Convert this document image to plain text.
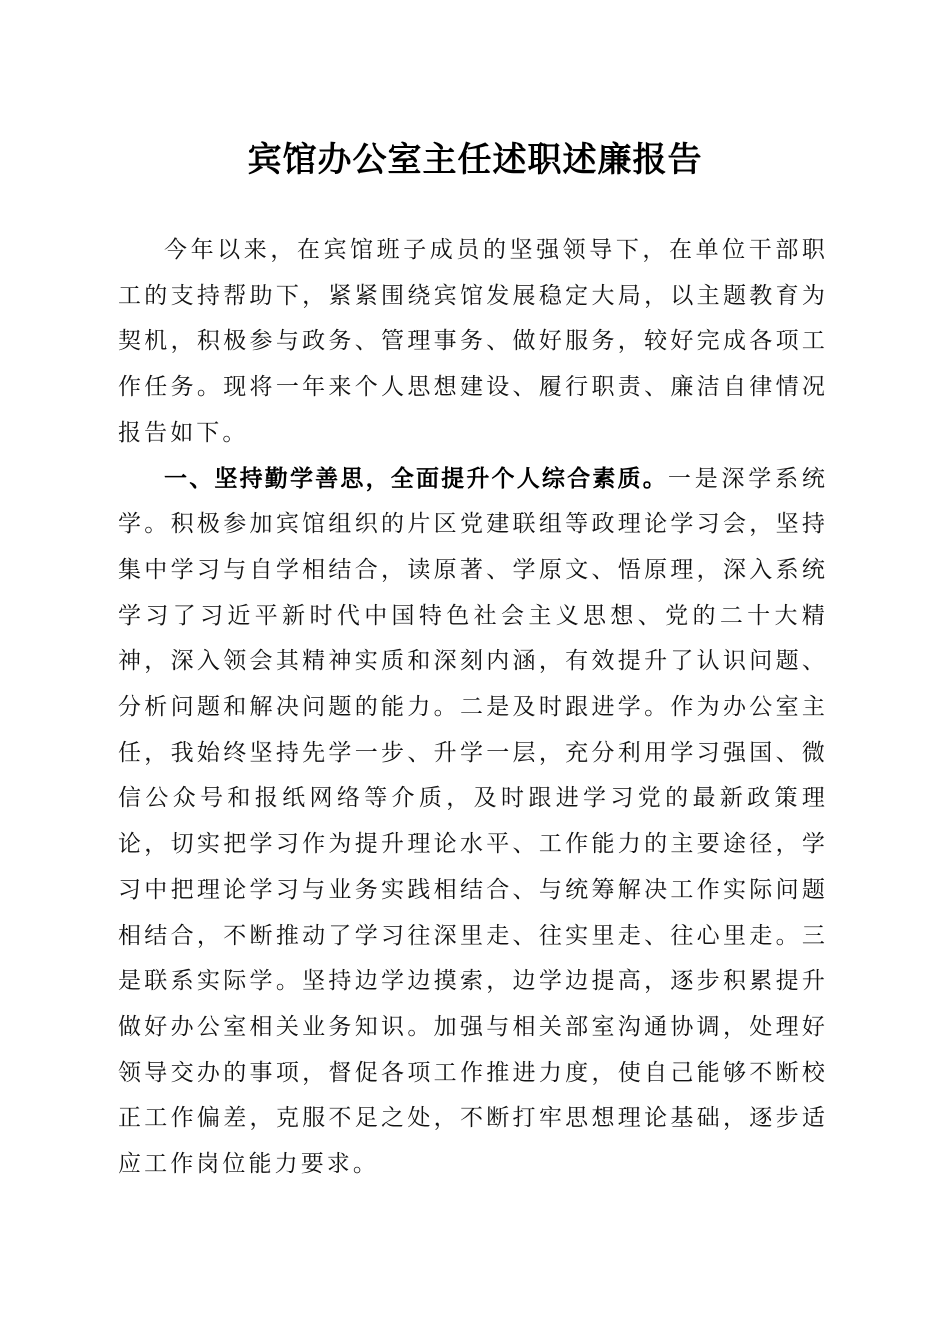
宾馆办公室主任述职述廉报告

今年以来，在宾馆班子成员的坚强领导下，在单位干部职工的支持帮助下，紧紧围绕宾馆发展稳定大局，以主题教育为契机，积极参与政务、管理事务、做好服务，较好完成各项工作任务。现将一年来个人思想建设、履行职责、廉洁自律情况报告如下。

一、坚持勤学善思，全面提升个人综合素质。一是深学系统学。积极参加宾馆组织的片区党建联组等政理论学习会，坚持集中学习与自学相结合，读原著、学原文、悟原理，深入系统学习了习近平新时代中国特色社会主义思想、党的二十大精神，深入领会其精神实质和深刻内涵，有效提升了认识问题、分析问题和解决问题的能力。二是及时跟进学。作为办公室主任，我始终坚持先学一步、升学一层，充分利用学习强国、微信公众号和报纸网络等介质，及时跟进学习党的最新政策理论，切实把学习作为提升理论水平、工作能力的主要途径，学习中把理论学习与业务实践相结合、与统筹解决工作实际问题相结合，不断推动了学习往深里走、往实里走、往心里走。三是联系实际学。坚持边学边摸索，边学边提高，逐步积累提升做好办公室相关业务知识。加强与相关部室沟通协调，处理好领导交办的事项，督促各项工作推进力度，使自己能够不断校正工作偏差，克服不足之处，不断打牢思想理论基础，逐步适应工作岗位能力要求。
